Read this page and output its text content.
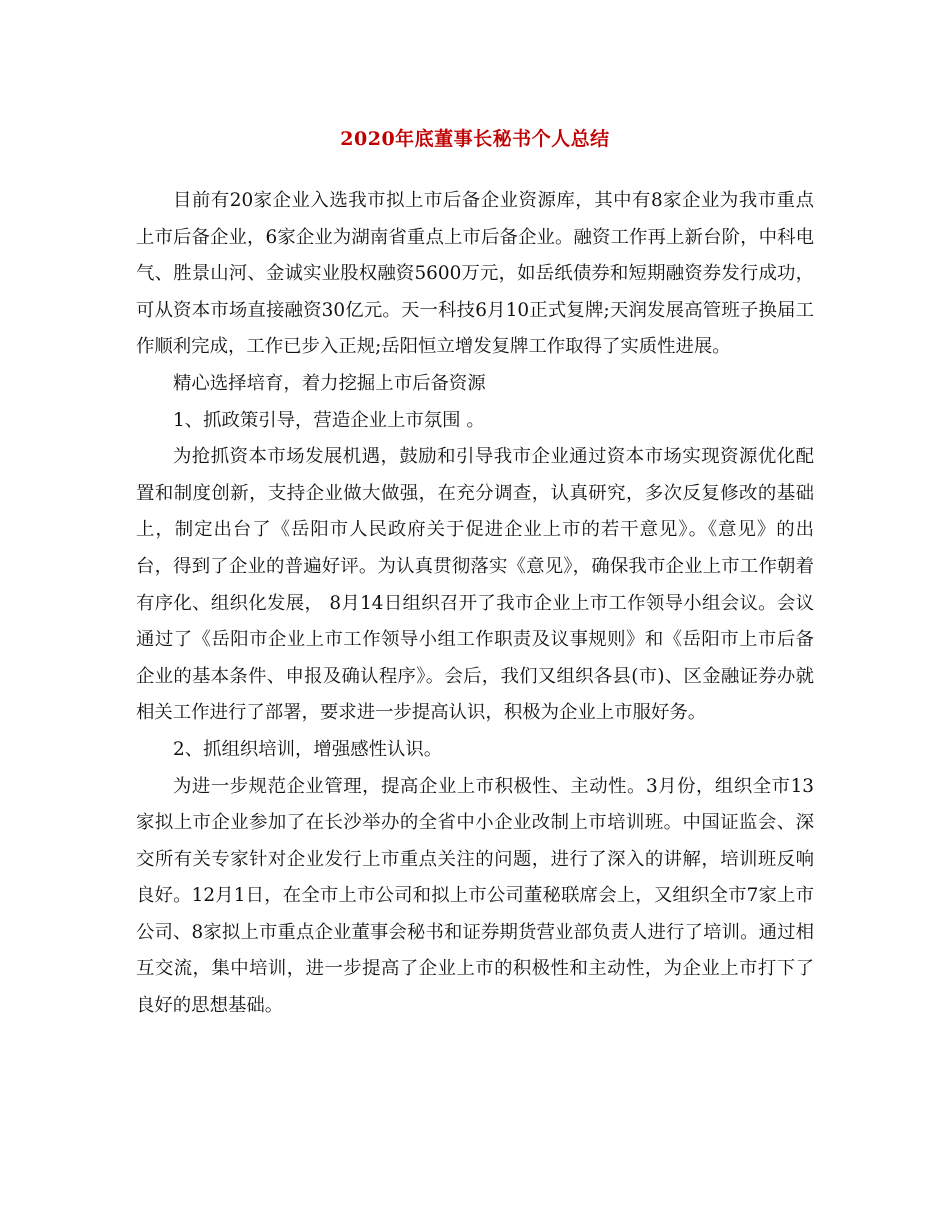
2020年底董事长秘书个人总结

目前有20家企业入选我市拟上市后备企业资源库，其中有8家企业为我市重点上市后备企业，6家企业为湖南省重点上市后备企业。融资工作再上新台阶，中科电气、胜景山河、金诚实业股权融资5600万元，如岳纸债券和短期融资券发行成功，可从资本市场直接融资30亿元。天一科技6月10正式复牌;天润发展高管班子换届工作顺利完成，工作已步入正规;岳阳恒立增发复牌工作取得了实质性进展。

精心选择培育，着力挖掘上市后备资源

1、抓政策引导，营造企业上市氛围 。

为抢抓资本市场发展机遇，鼓励和引导我市企业通过资本市场实现资源优化配置和制度创新，支持企业做大做强，在充分调查，认真研究，多次反复修改的基础上，制定出台了《岳阳市人民政府关于促进企业上市的若干意见》。《意见》的出台，得到了企业的普遍好评。为认真贯彻落实《意见》，确保我市企业上市工作朝着有序化、组织化发展， 8月14日组织召开了我市企业上市工作领导小组会议。会议通过了《岳阳市企业上市工作领导小组工作职责及议事规则》和《岳阳市上市后备企业的基本条件、申报及确认程序》。会后，我们又组织各县(市)、区金融证券办就相关工作进行了部署，要求进一步提高认识，积极为企业上市服好务。

2、抓组织培训，增强感性认识。

为进一步规范企业管理，提高企业上市积极性、主动性。3月份，组织全市13家拟上市企业参加了在长沙举办的全省中小企业改制上市培训班。中国证监会、深交所有关专家针对企业发行上市重点关注的问题，进行了深入的讲解，培训班反响良好。12月1日，在全市上市公司和拟上市公司董秘联席会上，又组织全市7家上市公司、8家拟上市重点企业董事会秘书和证券期货营业部负责人进行了培训。通过相互交流，集中培训，进一步提高了企业上市的积极性和主动性，为企业上市打下了良好的思想基础。
